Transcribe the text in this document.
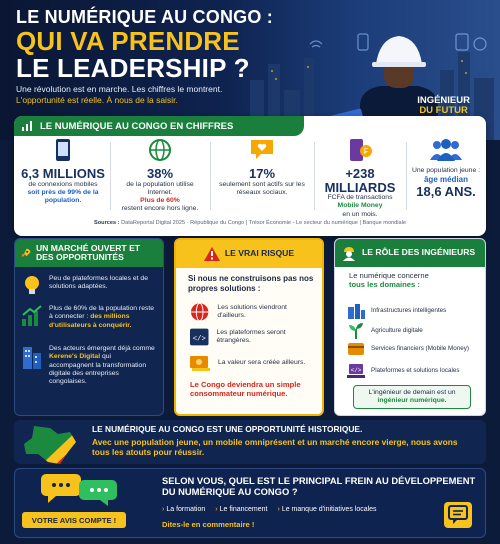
LE NUMÉRIQUE AU CONGO :
QUI VA PRENDRE
LE LEADERSHIP ?
Une révolution est en marche. Les chiffres le montrent.
L'opportunité est réelle. À nous de la saisir.	INGÉNIEUR
DU FUTUR
LE NUMÉRIQUE AU CONGO EN CHIFFRES
6,3 MILLIONS
de connexions mobiles
soit près de 99% de la population.
38%
de la population utilise Internet.
Plus de 60%
restent encore hors ligne.
17%
seulement sont actifs sur les réseaux sociaux.
₣
+238 MILLIARDS
FCFA de transactions
Mobile Money
en un mois.
Une population jeune :
âge médian
18,6 ANS.
Sources : DataReportal Digital 2025 · République du Congo | Trésor Économie - Le secteur du numérique | Banque mondiale
UN MARCHÉ OUVERT ET DES OPPORTUNITÉS
Peu de plateformes locales et de solutions adaptées.
Plus de 60% de la population reste à connecter : des millions d'utilisateurs à conquérir.
Des acteurs émergent déjà comme Kerene's Digital qui accompagnent la transformation digitale des entreprises congolaises.
LE VRAI RISQUE
Si nous ne construisons pas nos propres solutions :
Les solutions viendront d'ailleurs.
</>
Les plateformes seront étrangères.
La valeur sera créée ailleurs.
Le Congo deviendra un simple consommateur numérique.
LE RÔLE DES INGÉNIEURS
Le numérique concerne
tous les domaines :
Infrastructures intelligentes
Agriculture digitale
Services financiers (Mobile Money)
</> Plateformes et solutions locales
L'ingénieur de demain est un ingénieur numérique.
LE NUMÉRIQUE AU CONGO EST UNE OPPORTUNITÉ HISTORIQUE.
Avec une population jeune, un mobile omniprésent et un marché encore vierge, nous avons tous les atouts pour réussir.
VOTRE AVIS COMPTE !
SELON VOUS, QUEL EST LE PRINCIPAL FREIN AU DÉVELOPPEMENT DU NUMÉRIQUE AU CONGO ?
› La formation › Le financement › Le manque d'initiatives locales
Dites-le en commentaire !
